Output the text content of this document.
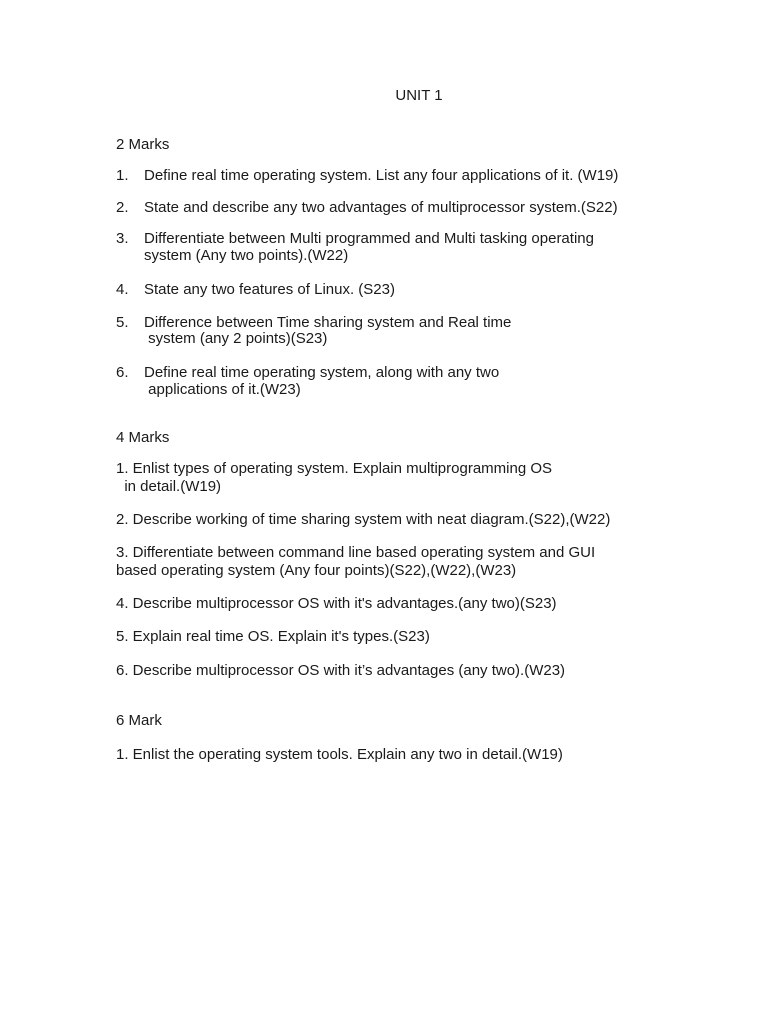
UNIT 1
2 Marks
1. Define real time operating system. List any four applications of it. (W19)
2. State and describe any two advantages of multiprocessor system.(S22)
3. Differentiate between Multi programmed and Multi tasking operating
system (Any two points).(W22)
4. State any two features of Linux. (S23)
5. Difference between Time sharing system and Real time
system (any 2 points)(S23)
6. Define real time operating system, along with any two
applications of it.(W23)
4 Marks
1. Enlist types of operating system. Explain multiprogramming OS
in detail.(W19)
2. Describe working of time sharing system with neat diagram.(S22),(W22)
3. Differentiate between command line based operating system and GUI
based operating system (Any four points)(S22),(W22),(W23)
4. Describe multiprocessor OS with it's advantages.(any two)(S23)
5. Explain real time OS. Explain it's types.(S23)
6. Describe multiprocessor OS with it’s advantages (any two).(W23)
6 Mark
1. Enlist the operating system tools. Explain any two in detail.(W19)
